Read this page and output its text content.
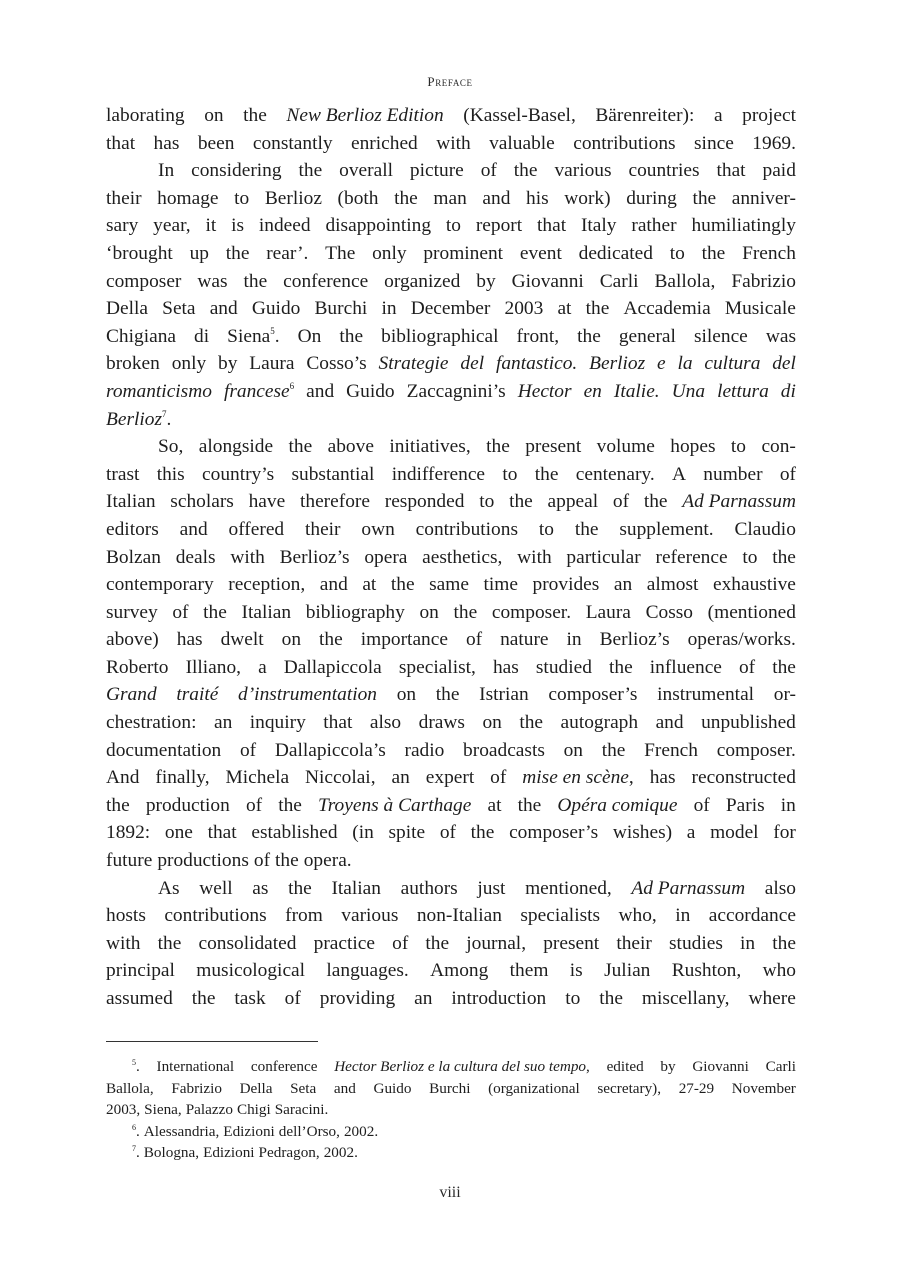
Preface
laborating on the New Berlioz Edition (Kassel-Basel, Bärenreiter): a project
that has been constantly enriched with valuable contributions since 1969.
In considering the overall picture of the various countries that paid
their homage to Berlioz (both the man and his work) during the anniver-
sary year, it is indeed disappointing to report that Italy rather humiliatingly
‘brought up the rear’. The only prominent event dedicated to the French
composer was the conference organized by Giovanni Carli Ballola, Fabrizio
Della Seta and Guido Burchi in December 2003 at the Accademia Musicale
Chigiana di Siena$^5$. On the bibliographical front, the general silence was
broken only by Laura Cosso’s Strategie del fantastico. Berlioz e la cultura del
romanticismo francese$^6$ and Guido Zaccagnini’s Hector en Italie. Una lettura di
Berlioz$^7$.
So, alongside the above initiatives, the present volume hopes to con-
trast this country’s substantial indifference to the centenary. A number of
Italian scholars have therefore responded to the appeal of the Ad Parnassum
editors and offered their own contributions to the supplement. Claudio
Bolzan deals with Berlioz’s opera aesthetics, with particular reference to the
contemporary reception, and at the same time provides an almost exhaustive
survey of the Italian bibliography on the composer. Laura Cosso (mentioned
above) has dwelt on the importance of nature in Berlioz’s operas/works.
Roberto Illiano, a Dallapiccola specialist, has studied the influence of the
Grand traité d’instrumentation on the Istrian composer’s instrumental or-
chestration: an inquiry that also draws on the autograph and unpublished
documentation of Dallapiccola’s radio broadcasts on the French composer.
And finally, Michela Niccolai, an expert of mise en scène, has reconstructed
the production of the Troyens à Carthage at the Opéra comique of Paris in
1892: one that established (in spite of the composer’s wishes) a model for
future productions of the opera.
As well as the Italian authors just mentioned, Ad Parnassum also
hosts contributions from various non-Italian specialists who, in accordance
with the consolidated practice of the journal, present their studies in the
principal musicological languages. Among them is Julian Rushton, who
assumed the task of providing an introduction to the miscellany, where
$^5$. International conference Hector Berlioz e la cultura del suo tempo, edited by Giovanni Carli
Ballola, Fabrizio Della Seta and Guido Burchi (organizational secretary), 27-29 November
2003, Siena, Palazzo Chigi Saracini.
$^6$. Alessandria, Edizioni dell’Orso, 2002.
$^7$. Bologna, Edizioni Pedragon, 2002.
viii
